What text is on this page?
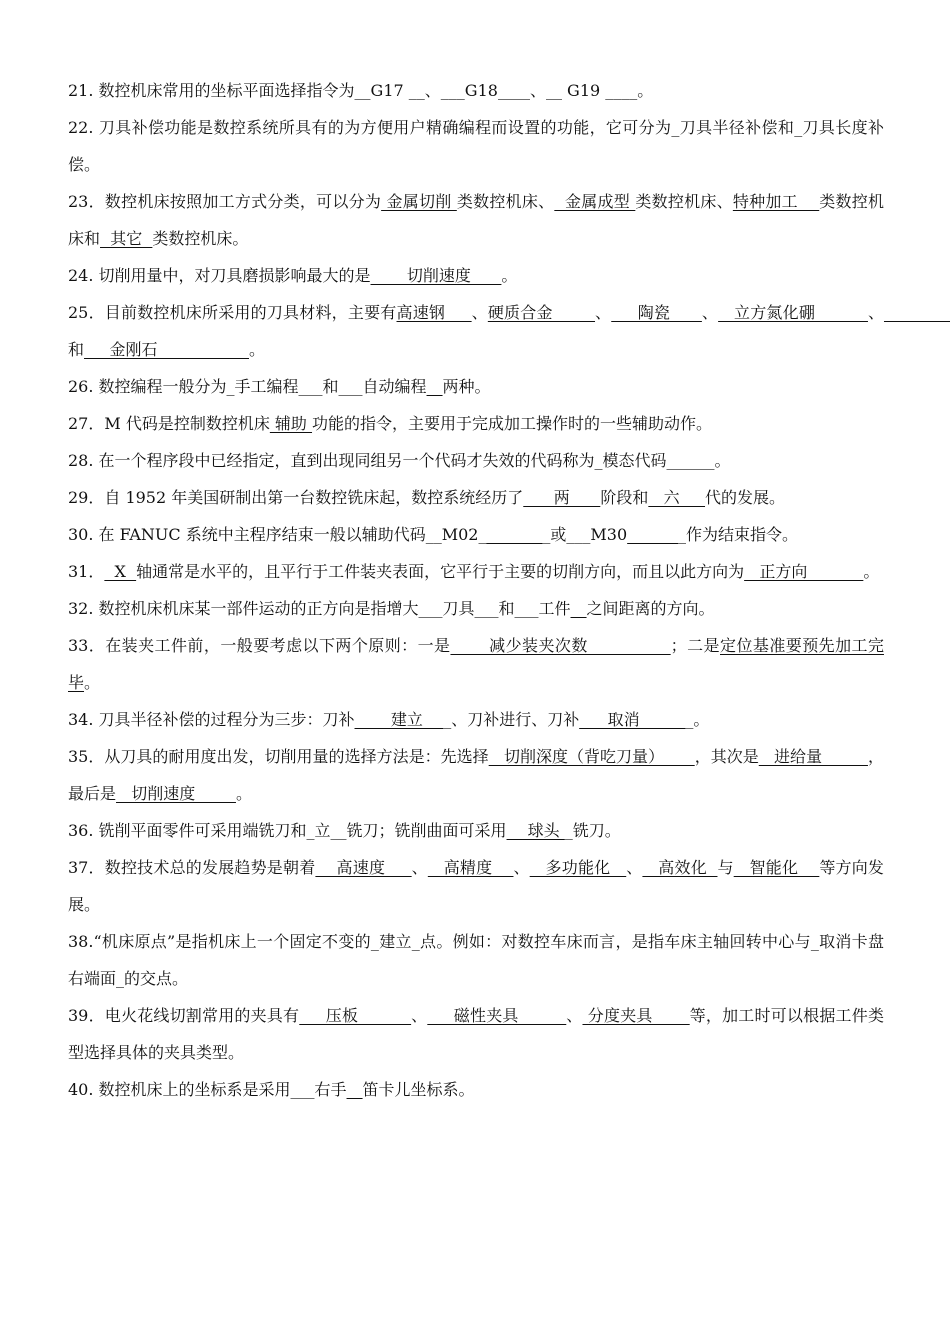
21. 数控机床常用的坐标平面选择指令为__G17 __、___G18____、__ G19 ____。

22. 刀具补偿功能是数控系统所具有的为方便用户精确编程而设置的功能，它可分为_刀具半径补偿和_刀具长度补偿。

23．数控机床按照加工方式分类，可以分为 金属切削 类数控机床、  金属成型 类数控机床、特种加工    类数控机床和  其它  类数控机床。

24. 切削用量中，对刀具磨损影响最大的是__    切削速度      。

25．目前数控机床所采用的刀具材料，主要有高速钢     、硬质合金        、     陶瓷      、   立方氮化硼          、                    和     金刚石                  。

26. 数控编程一般分为_手工编程___和___自动编程__两种。

27．M 代码是控制数控机床 辅助 功能的指令，主要用于完成加工操作时的一些辅助动作。

28. 在一个程序段中已经指定，直到出现同组另一个代码才失效的代码称为_模态代码______。

29．自 1952 年美国研制出第一台数控铣床起，数控系统经历了      两      阶段和   六     代的发展。

30. 在 FANUC 系统中主程序结束一般以辅助代码__M02_	_或___M30	_作为结束指令。

31．  X  轴通常是水平的，且平行于工件装夹表面，它平行于主要的切削方向，而且以此方向为   正方向           。

32. 数控机床机床某一部件运动的正方向是指增大___刀具___和___工件__之间距离的方向。

33．在装夹工件前，一般要考虑以下两个原则：一是       减少装夹次数               ；二是定位基准要预先加工完毕。

34. 刀具半径补偿的过程分为三步：刀补__    建立    _、刀补进行、刀补_    取消         _。

35．从刀具的耐用度出发，切削用量的选择方法是：先选择   切削深度（背吃刀量）      ，其次是   进给量         ，最后是   切削速度        。

36. 铣削平面零件可采用端铣刀和_立__铣刀；铣削曲面可采用__ 球头 _铣刀。

37．数控技术总的发展趋势是朝着    高速度     、   高精度    、   多功能化   、   高效化  与   智能化    等方向发展。

38.“机床原点”是指机床上一个固定不变的_建立_点。例如：对数控车床而言，是指车床主轴回转中心与_取消卡盘右端面_的交点。

39．电火花线切割常用的夹具有     压板          、     磁性夹具         、 分度夹具       等，加工时可以根据工件类型选择具体的夹具类型。

40. 数控机床上的坐标系是采用___右手__笛卡儿坐标系。
